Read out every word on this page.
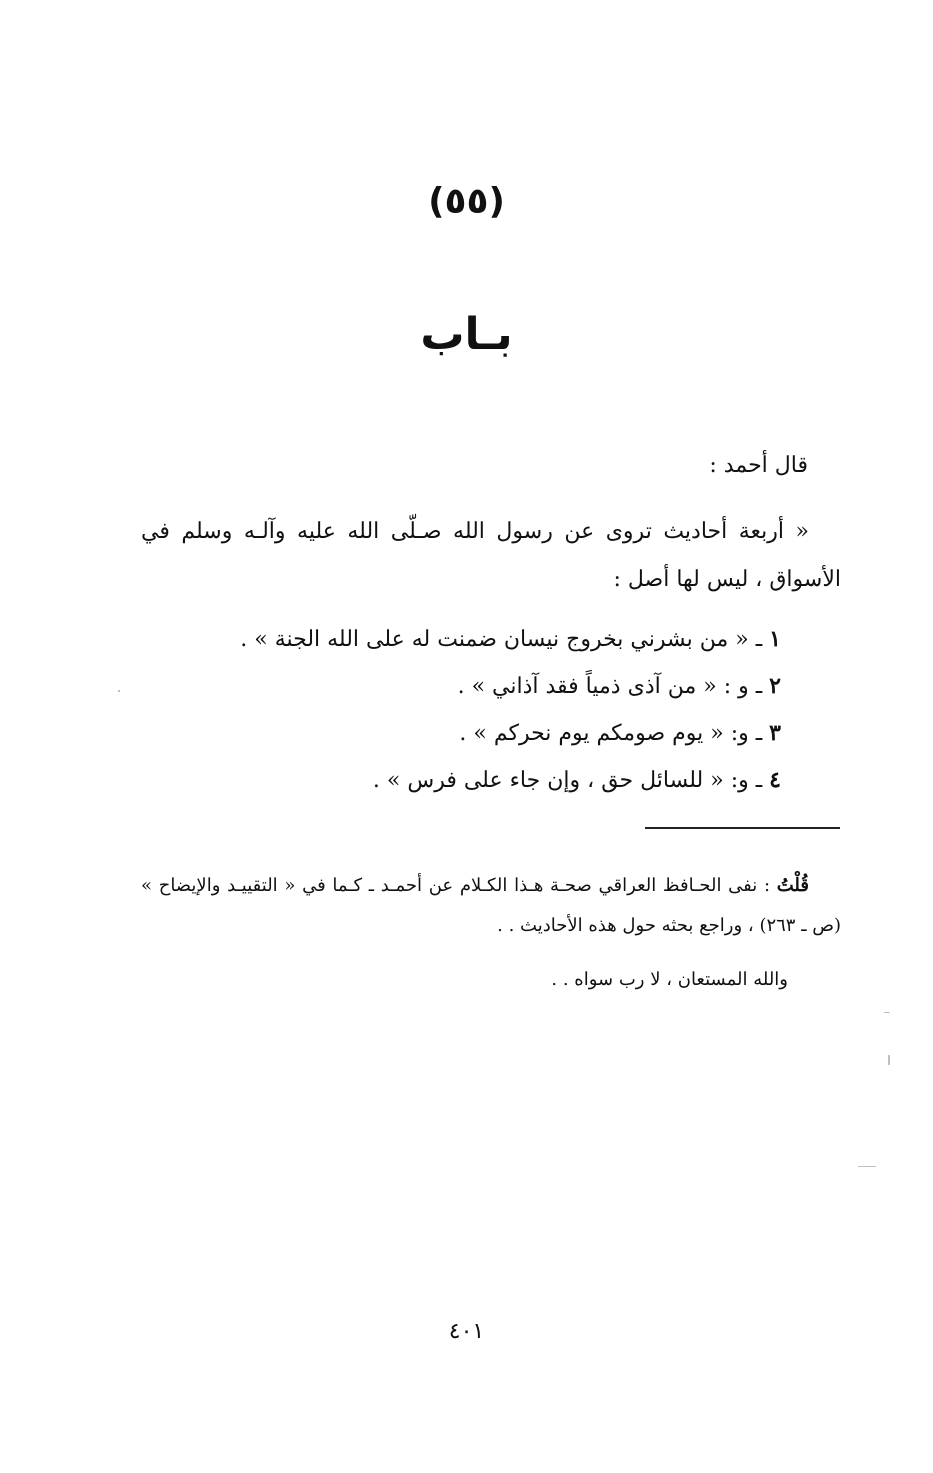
(٥٥)
بـاب
قال أحمد :
« أربعة أحاديث تروى عن رسول الله صـلّى الله عليه وآلـه وسلم في الأسواق ، ليس لها أصل :
١ ـ « من بشرني بخروج نيسان ضمنت له على الله الجنة » .
٢ ـ و : « من آذى ذمياً فقد آذاني » .
٣ ـ و: « يوم صومكم يوم نحركم » .
٤ ـ و: « للسائل حق ، وإن جاء على فرس » .
قُلْتُ : نفى الحـافظ العراقي صحـة هـذا الكـلام عن أحمـد ـ كـما في « التقييـد والإيضاح » (ص ـ ٢٦٣) ، وراجع بحثه حول هذه الأحاديث . .
والله المستعان ، لا رب سواه . .
٤٠١
